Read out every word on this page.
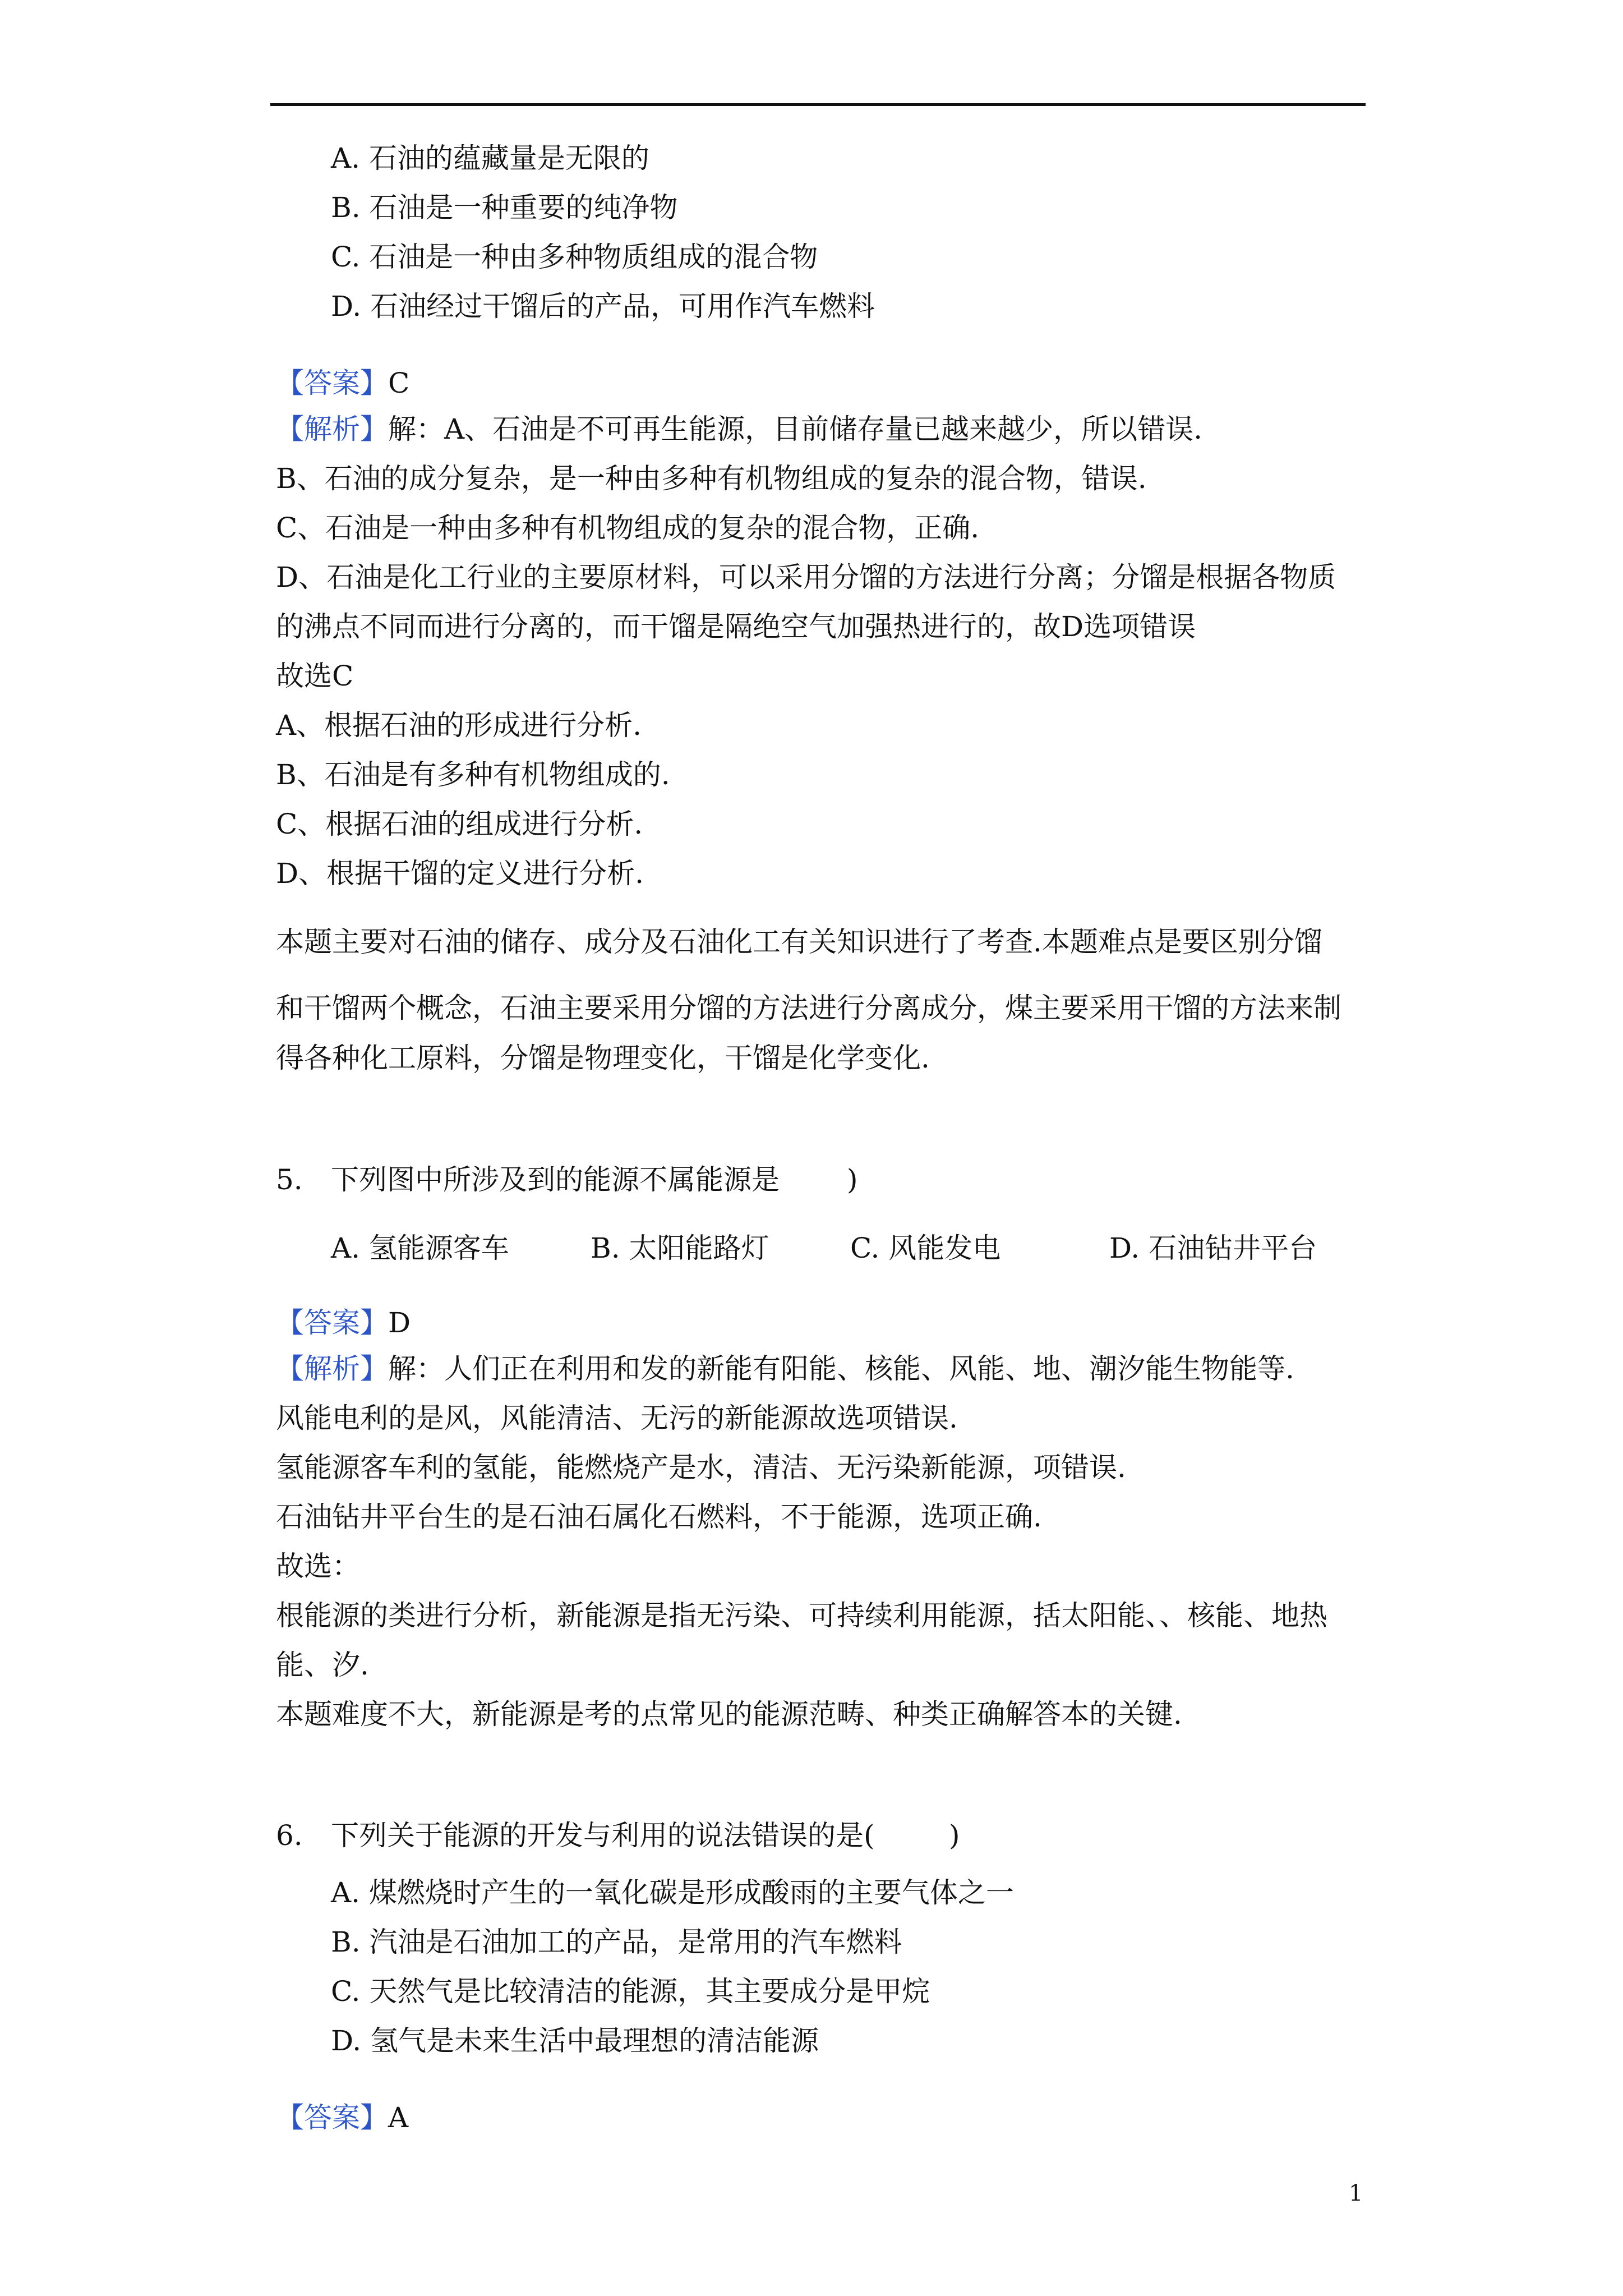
A. 石油的蕴藏量是无限的
B. 石油是一种重要的纯净物
C. 石油是一种由多种物质组成的混合物
D. 石油经过干馏后的产品，可用作汽车燃料
【答案】C
【解析】解：A、石油是不可再生能源，目前储存量已越来越少，所以错误.
B、石油的成分复杂，是一种由多种有机物组成的复杂的混合物，错误.
C、石油是一种由多种有机物组成的复杂的混合物，正确.
D、石油是化工行业的主要原材料，可以采用分馏的方法进行分离；分馏是根据各物质
的沸点不同而进行分离的，而干馏是隔绝空气加强热进行的，故D选项错误
故选C
A、根据石油的形成进行分析.
B、石油是有多种有机物组成的.
C、根据石油的组成进行分析.
D、根据干馏的定义进行分析.
本题主要对石油的储存、成分及石油化工有关知识进行了考查.本题难点是要区别分馏
和干馏两个概念，石油主要采用分馏的方法进行分离成分，煤主要采用干馏的方法来制
得各种化工原料，分馏是物理变化，干馏是化学变化.
5. 下列图中所涉及到的能源不属能源是 )
A. 氢能源客车	B. 太阳能路灯	C. 风能发电	D. 石油钻井平台
【答案】D
【解析】解：人们正在利用和发的新能有阳能、核能、风能、地、潮汐能生物能等.
风能电利的是风，风能清洁、无污的新能源故选项错误.
氢能源客车利的氢能，能燃烧产是水，清洁、无污染新能源，项错误.
石油钻井平台生的是石油石属化石燃料，不于能源，选项正确.
故选：
根能源的类进行分析，新能源是指无污染、可持续利用能源，括太阳能、、核能、地热
能、汐.
本题难度不大，新能源是考的点常见的能源范畴、种类正确解答本的关键.
6. 下列关于能源的开发与利用的说法错误的是(	)
A. 煤燃烧时产生的一氧化碳是形成酸雨的主要气体之一
B. 汽油是石油加工的产品，是常用的汽车燃料
C. 天然气是比较清洁的能源，其主要成分是甲烷
D. 氢气是未来生活中最理想的清洁能源
【答案】A
1
